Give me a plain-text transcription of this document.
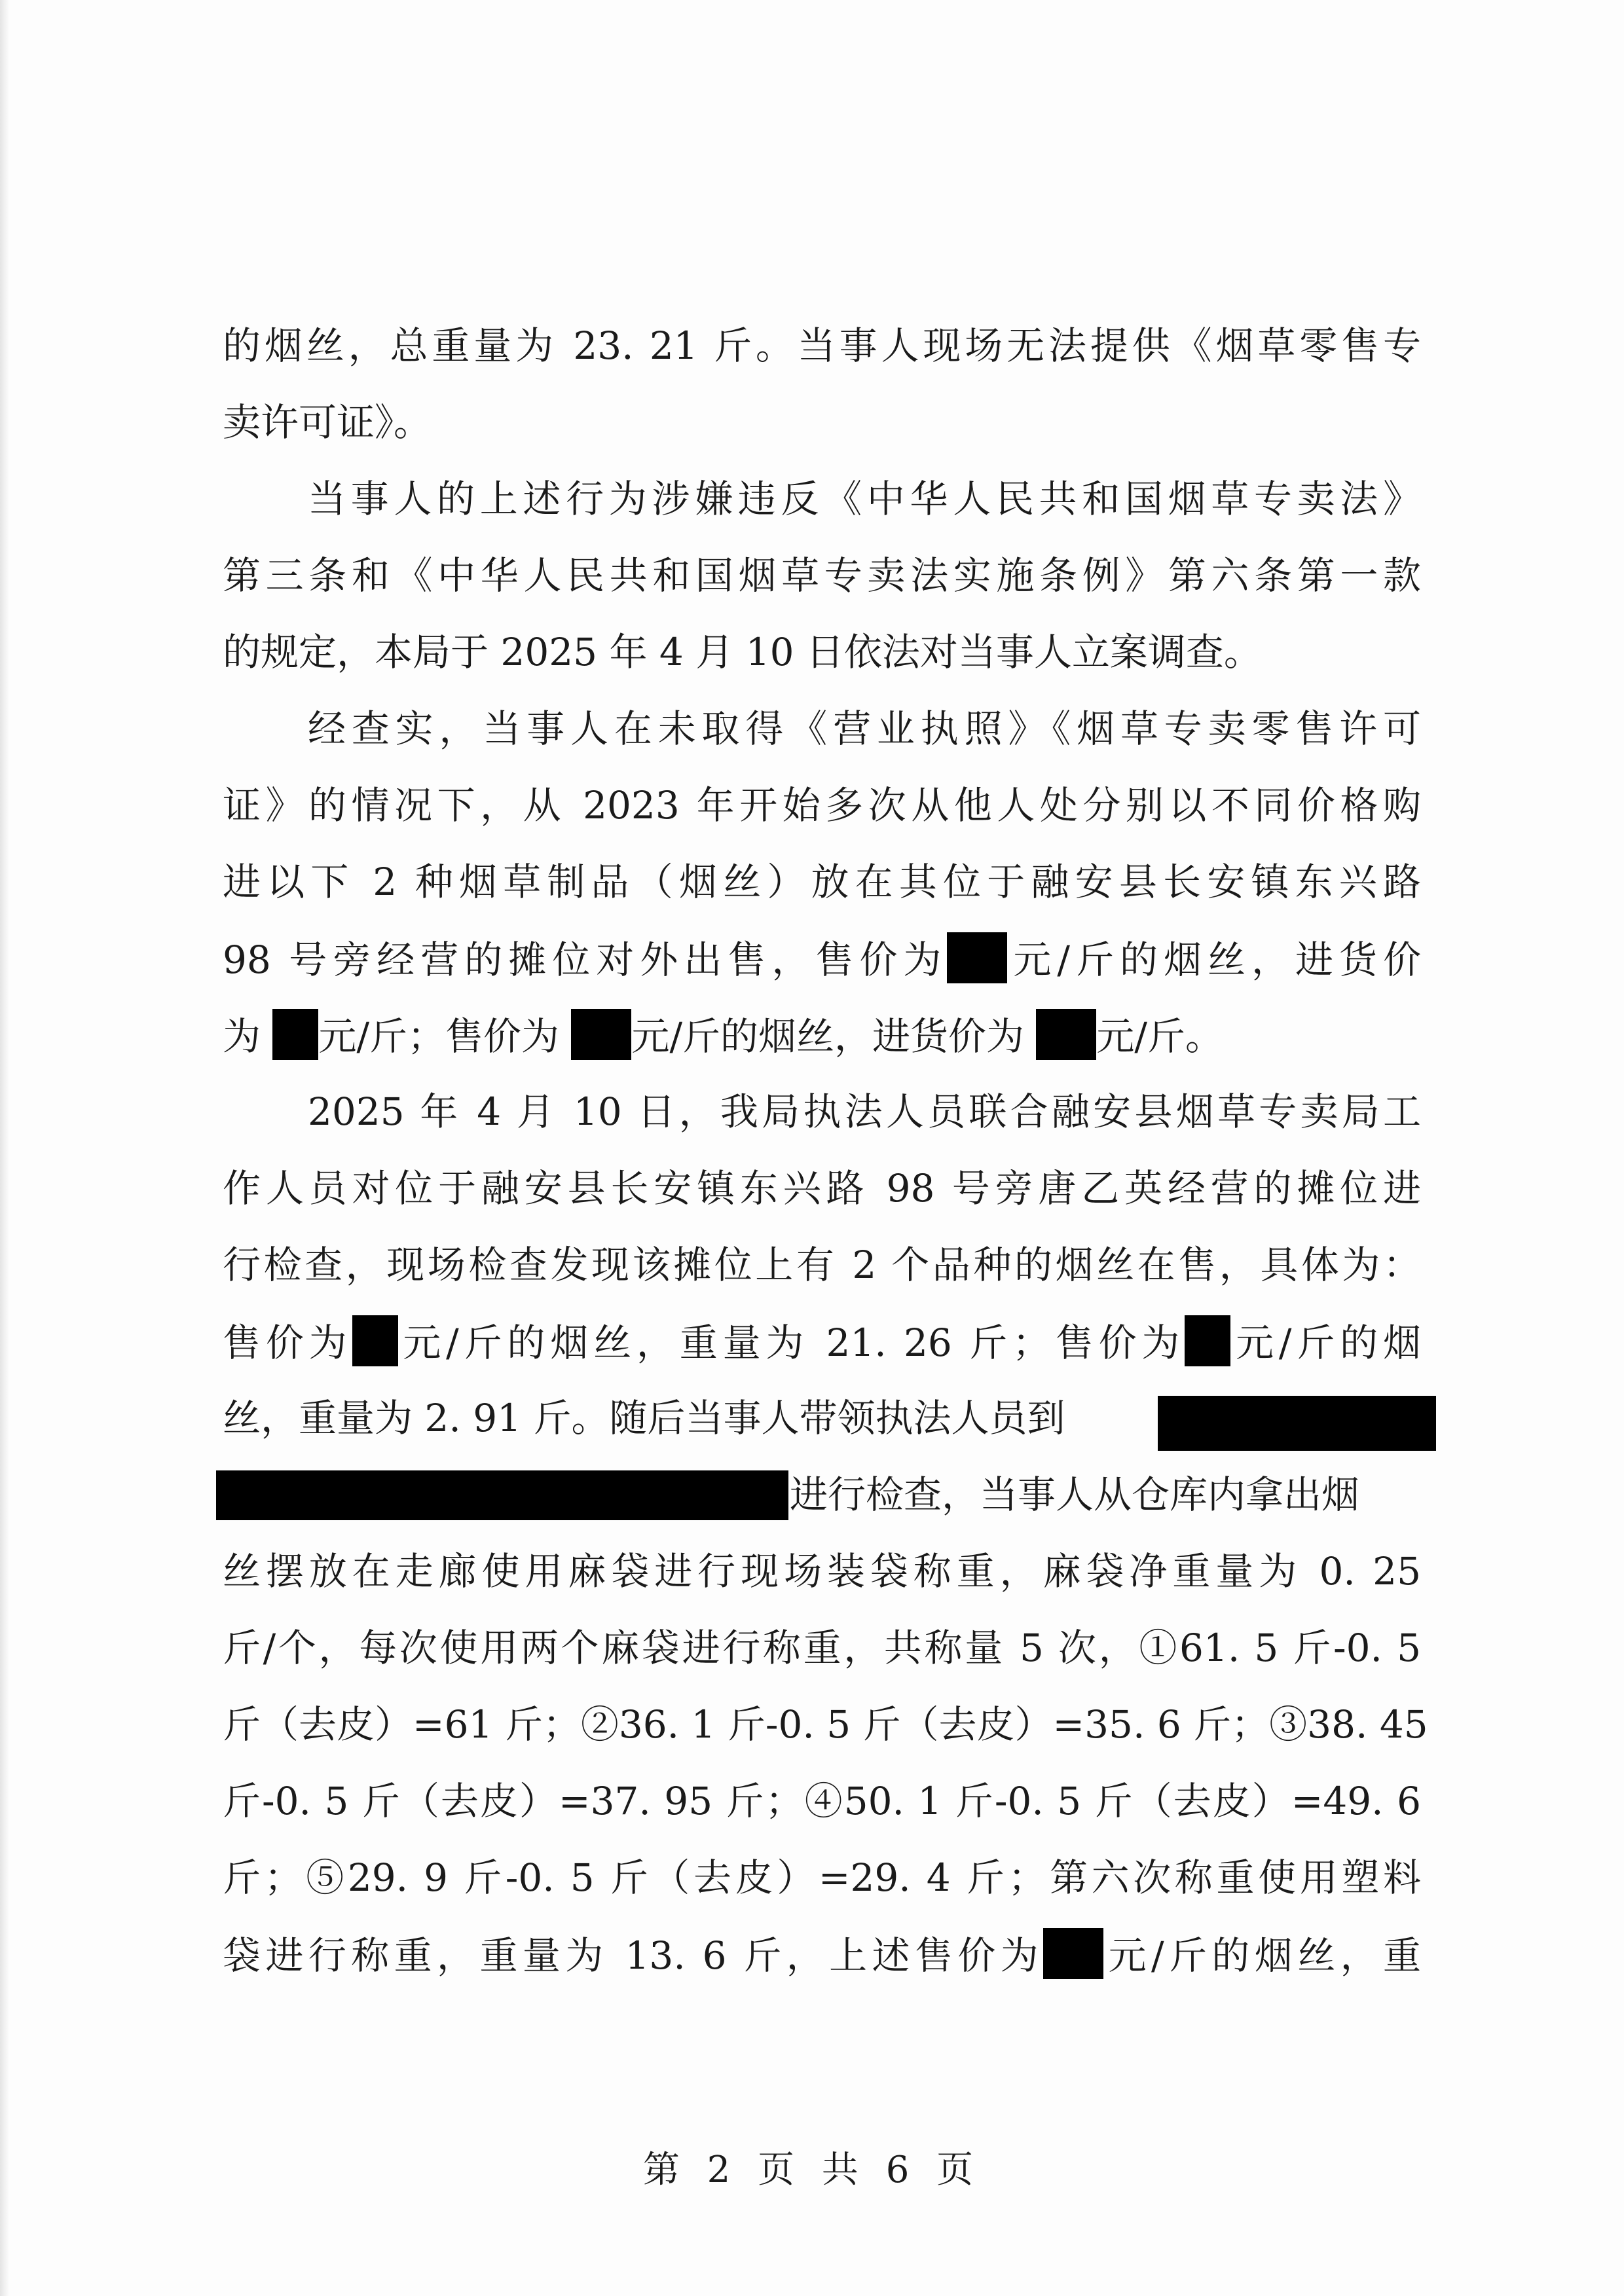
的烟丝，总重量为 23. 21 斤。当事人现场无法提供《烟草零售专
卖许可证》。
当事人的上述行为涉嫌违反《中华人民共和国烟草专卖法》
第三条和《中华人民共和国烟草专卖法实施条例》第六条第一款
的规定，本局于 2025 年 4 月 10 日依法对当事人立案调查。
经查实，当事人在未取得《营业执照》《烟草专卖零售许可
证》的情况下，从 2023 年开始多次从他人处分别以不同价格购
进以下 2 种烟草制品（烟丝）放在其位于融安县长安镇东兴路
98 号旁经营的摊位对外出售，售价为 元/斤的烟丝，进货价
为 元/斤；售价为 元/斤的烟丝，进货价为 元/斤。
2025 年 4 月 10 日，我局执法人员联合融安县烟草专卖局工
作人员对位于融安县长安镇东兴路 98 号旁唐乙英经营的摊位进
行检查，现场检查发现该摊位上有 2 个品种的烟丝在售，具体为：
售价为 元/斤的烟丝，重量为 21. 26 斤；售价为 元/斤的烟
丝，重量为 2. 91 斤。随后当事人带领执法人员到
进行检查，当事人从仓库内拿出烟
丝摆放在走廊使用麻袋进行现场装袋称重，麻袋净重量为 0. 25
斤/个，每次使用两个麻袋进行称重，共称量 5 次，①61. 5 斤-0. 5
斤（去皮）=61 斤；②36. 1 斤-0. 5 斤（去皮）=35. 6 斤；③38. 45
斤-0. 5 斤（去皮）=37. 95 斤；④50. 1 斤-0. 5 斤（去皮）=49. 6
斤；⑤29. 9 斤-0. 5 斤（去皮）=29. 4 斤；第六次称重使用塑料
袋进行称重，重量为 13. 6 斤，上述售价为 元/斤的烟丝，重
第 2 页 共 6 页
